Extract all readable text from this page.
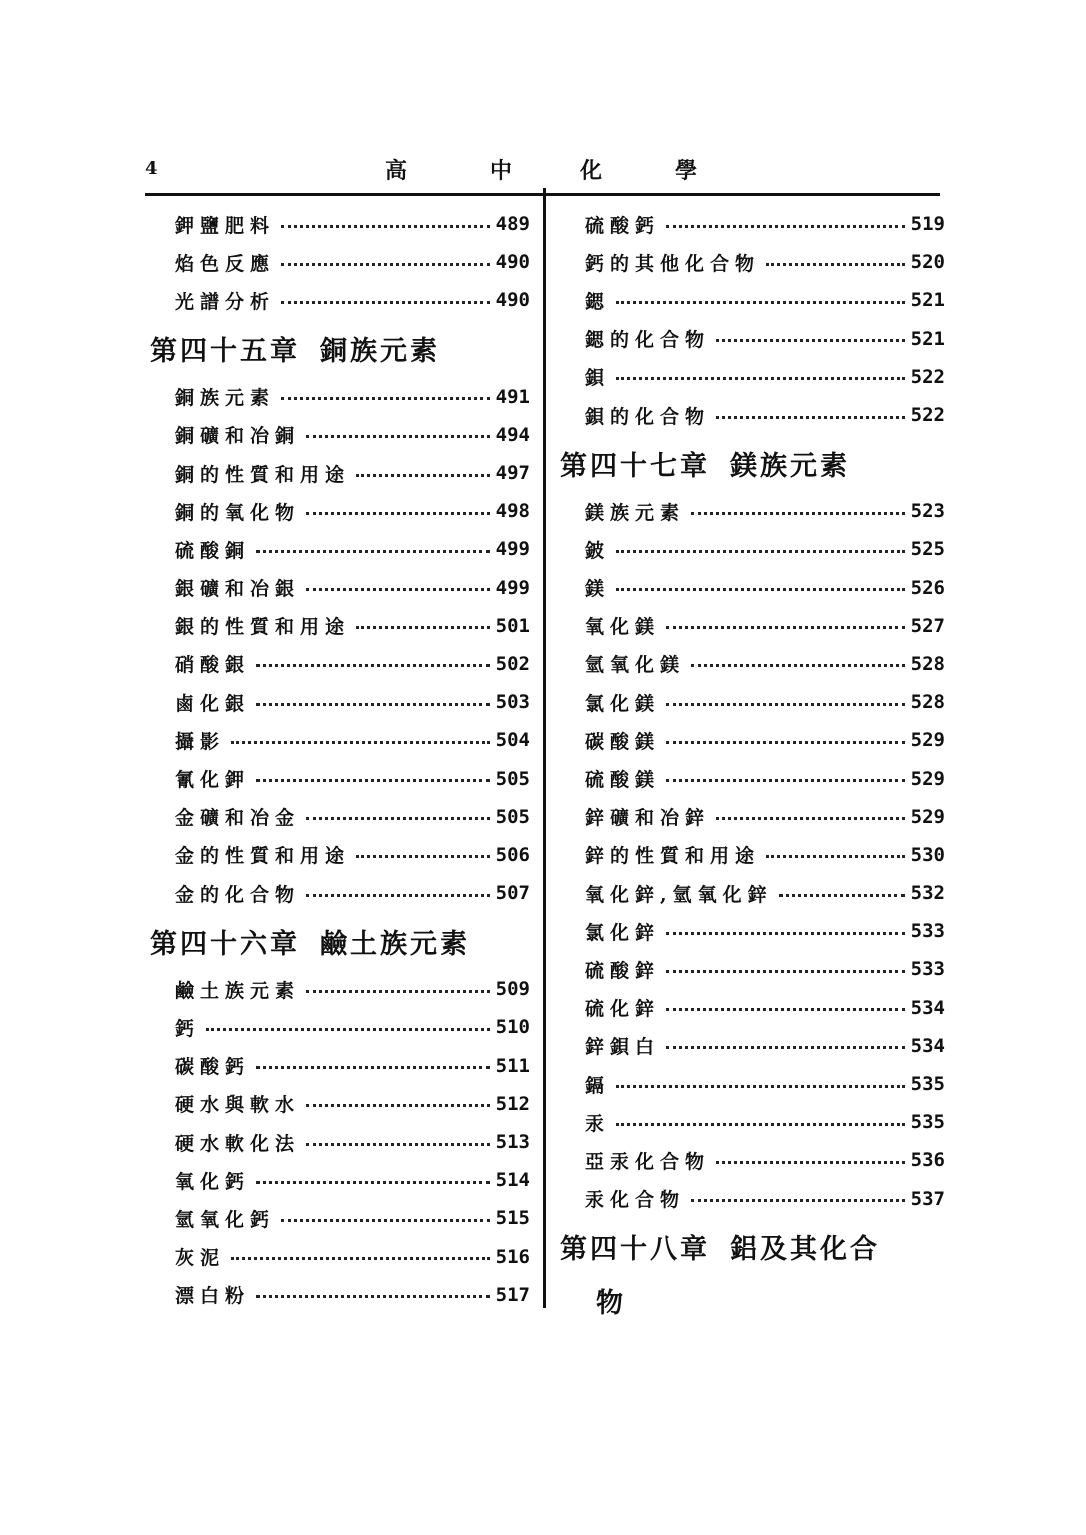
4	高	中	化	學
鉀鹽肥料	489
焰色反應	490
光譜分析	490
第四十五章 銅族元素
銅族元素	491
銅礦和冶銅	494
銅的性質和用途	497
銅的氧化物	498
硫酸銅	499
銀礦和冶銀	499
銀的性質和用途	501
硝酸銀	502
鹵化銀	503
攝影	504
氰化鉀	505
金礦和冶金	505
金的性質和用途	506
金的化合物	507
第四十六章 鹼土族元素
鹼土族元素	509
鈣	510
碳酸鈣	511
硬水與軟水	512
硬水軟化法	513
氧化鈣	514
氫氧化鈣	515
灰泥	516
漂白粉	517
硫酸鈣	519
鈣的其他化合物	520
鍶	521
鍶的化合物	521
鋇	522
鋇的化合物	522
第四十七章 鎂族元素
鎂族元素	523
鈹	525
鎂	526
氧化鎂	527
氫氧化鎂	528
氯化鎂	528
碳酸鎂	529
硫酸鎂	529
鋅礦和冶鋅	529
鋅的性質和用途	530
氧化鋅,氫氧化鋅	532
氯化鋅	533
硫酸鋅	533
硫化鋅	534
鋅鋇白	534
鎘	535
汞	535
亞汞化合物	536
汞化合物	537
第四十八章 鋁及其化合
物
